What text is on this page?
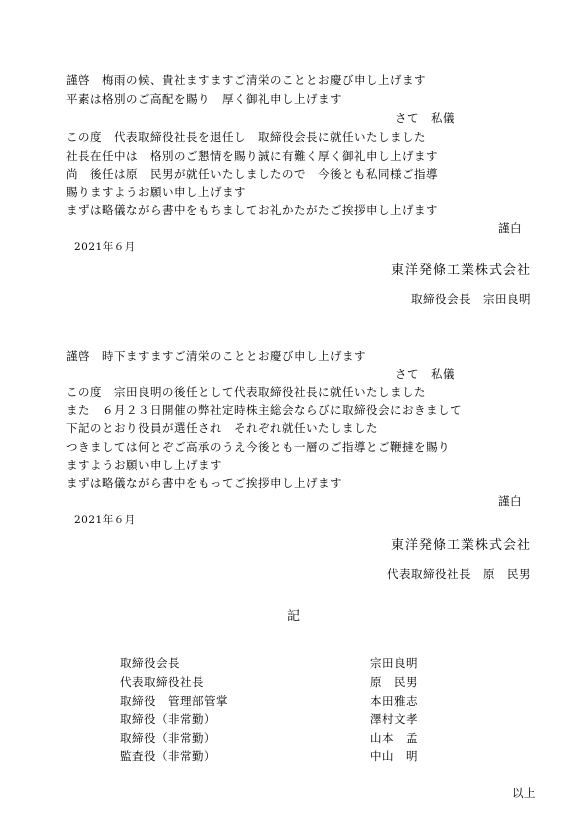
謹啓　梅雨の候、貴社ますますご清栄のこととお慶び申し上げます
平素は格別のご高配を賜り　厚く御礼申し上げます
さて　私儀
この度　代表取締役社長を退任し　取締役会長に就任いたしました
社長在任中は　格別のご懇情を賜り誠に有難く厚く御礼申し上げます
尚　後任は原　民男が就任いたしましたので　今後とも私同様ご指導
賜りますようお願い申し上げます
まずは略儀ながら書中をもちましてお礼かたがたご挨拶申し上げます
謹白
2021年６月
東洋発條工業株式会社
取締役会長　宗田良明
謹啓　時下ますますご清栄のこととお慶び申し上げます
さて　私儀
この度　宗田良明の後任として代表取締役社長に就任いたしました
また　６月２３日開催の弊社定時株主総会ならびに取締役会におきまして
下記のとおり役員が選任され　それぞれ就任いたしました
つきましては何とぞご高承のうえ今後とも一層のご指導とご鞭撻を賜り
ますようお願い申し上げます
まずは略儀ながら書中をもってご挨拶申し上げます
謹白
2021年６月
東洋発條工業株式会社
代表取締役社長　原　民男
記
取締役会長	宗田良明
代表取締役社長	原　民男
取締役　管理部管掌	本田雅志
取締役（非常勤）	澤村文孝
取締役（非常勤）	山本　孟
監査役（非常勤）	中山　明
以上
